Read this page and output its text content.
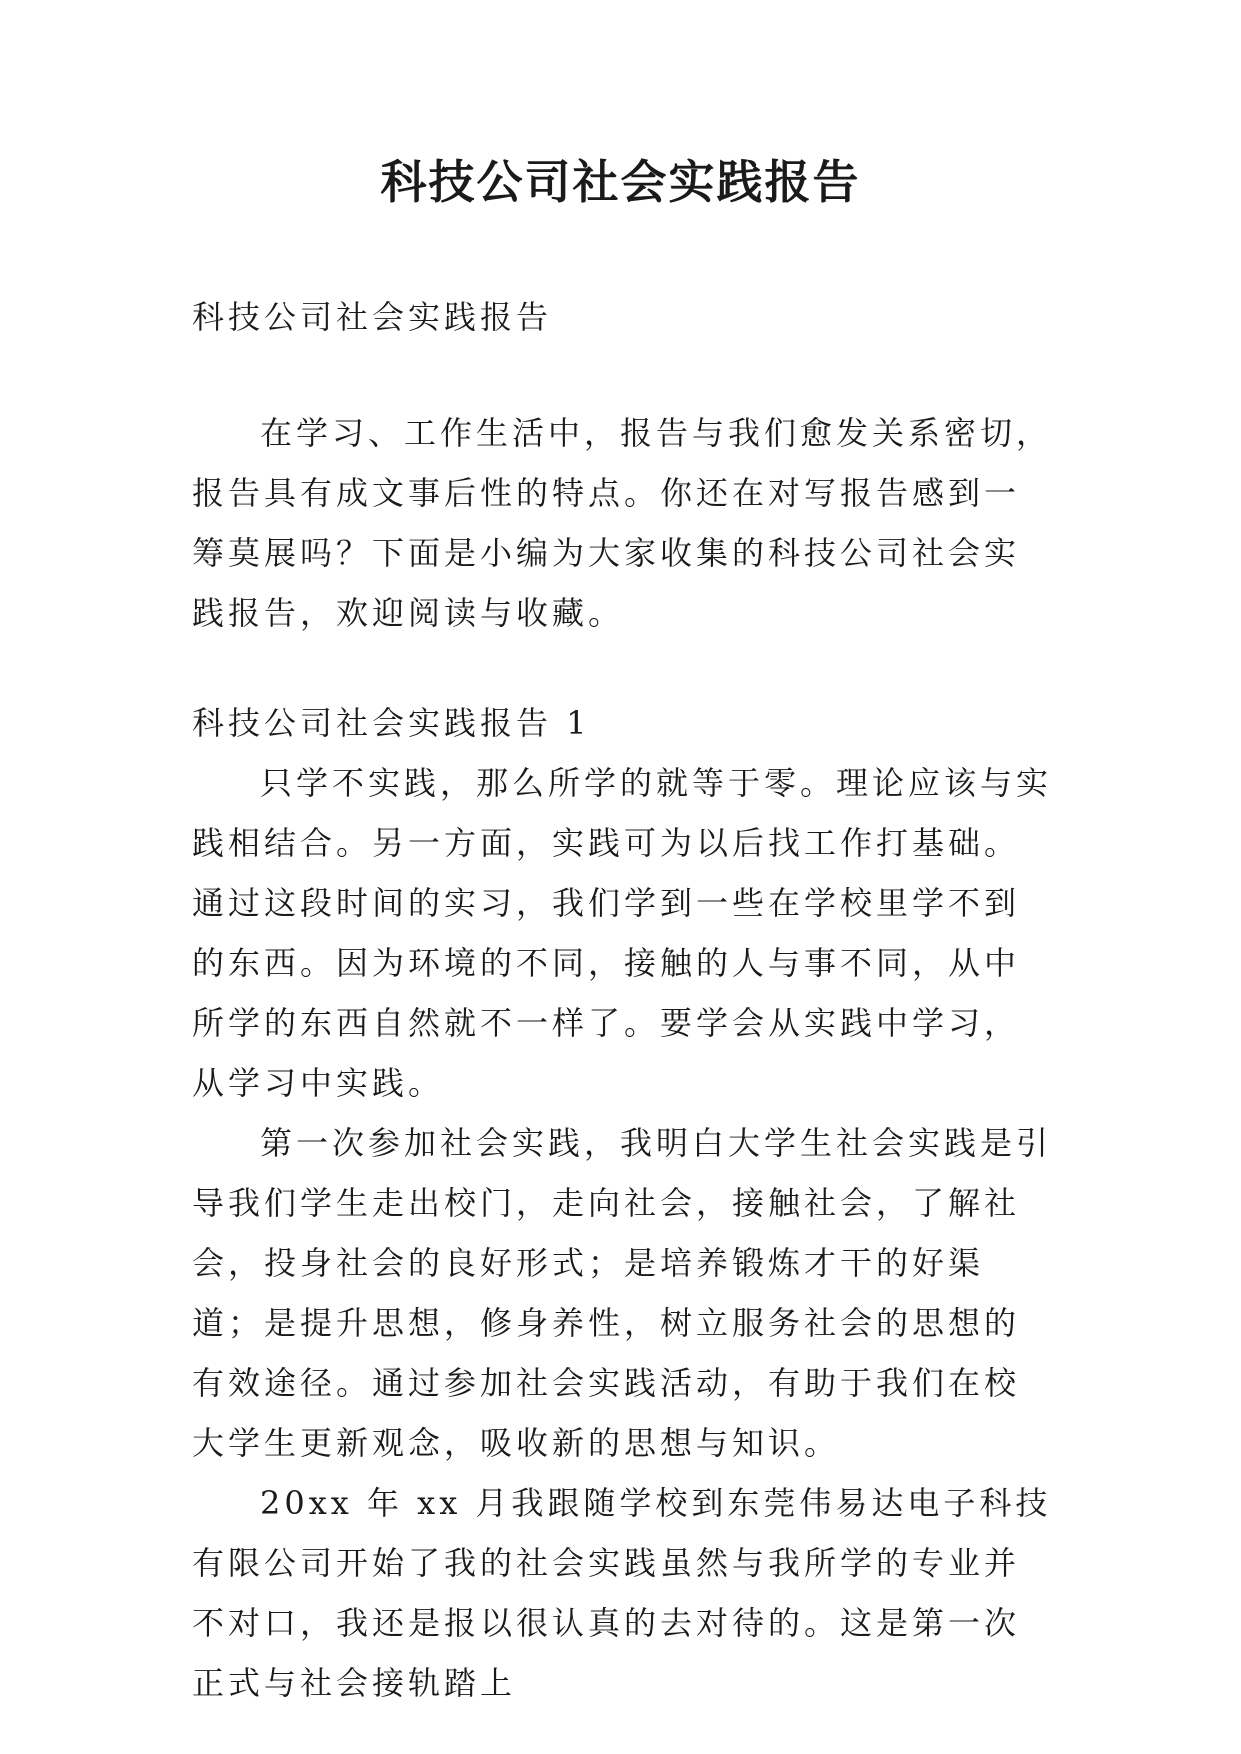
科技公司社会实践报告

科技公司社会实践报告

在学习、工作生活中，报告与我们愈发关系密切，报告具有成文事后性的特点。你还在对写报告感到一筹莫展吗？下面是小编为大家收集的科技公司社会实践报告，欢迎阅读与收藏。

科技公司社会实践报告 1

只学不实践，那么所学的就等于零。理论应该与实践相结合。另一方面，实践可为以后找工作打基础。通过这段时间的实习，我们学到一些在学校里学不到的东西。因为环境的不同，接触的人与事不同，从中所学的东西自然就不一样了。要学会从实践中学习，从学习中实践。

第一次参加社会实践，我明白大学生社会实践是引导我们学生走出校门，走向社会，接触社会，了解社会，投身社会的良好形式；是培养锻炼才干的好渠道；是提升思想，修身养性，树立服务社会的思想的有效途径。通过参加社会实践活动，有助于我们在校大学生更新观念，吸收新的思想与知识。

20xx 年 xx 月我跟随学校到东莞伟易达电子科技有限公司开始了我的社会实践虽然与我所学的专业并不对口，我还是报以很认真的去对待的。这是第一次正式与社会接轨踏上
